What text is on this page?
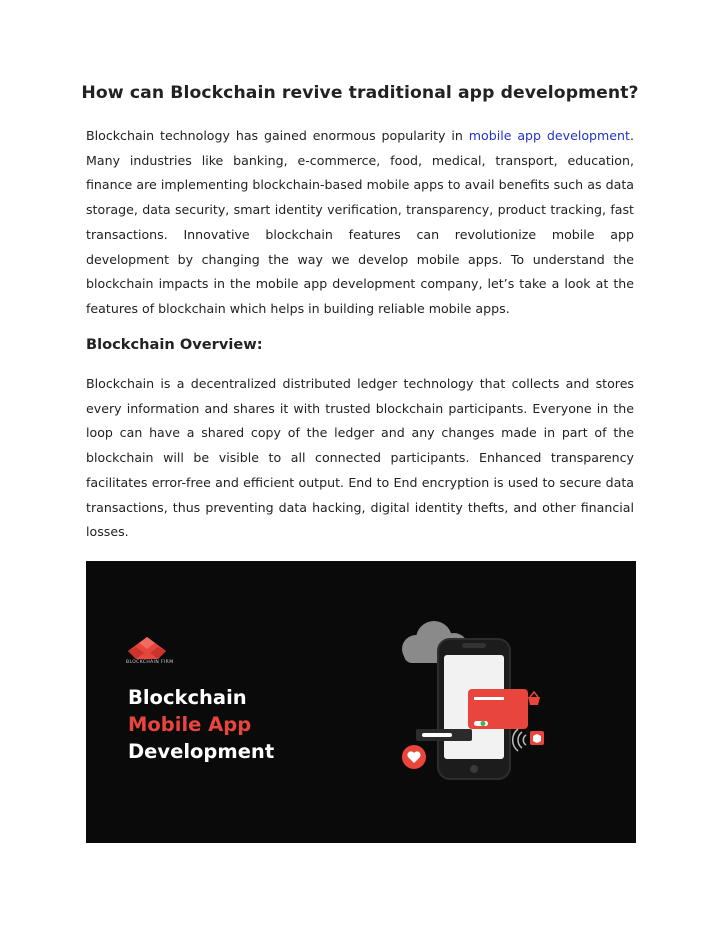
How can Blockchain revive traditional app development?

Blockchain technology has gained enormous popularity in mobile app development. Many industries like banking, e-commerce, food, medical, transport, education, finance are implementing blockchain-based mobile apps to avail benefits such as data storage, data security, smart identity verification, transparency, product tracking, fast transactions. Innovative blockchain features can revolutionize mobile app development by changing the way we develop mobile apps. To understand the blockchain impacts in the mobile app development company, let’s take a look at the features of blockchain which helps in building reliable mobile apps.

Blockchain Overview:

Blockchain is a decentralized distributed ledger technology that collects and stores every information and shares it with trusted blockchain participants. Everyone in the loop can have a shared copy of the ledger and any changes made in part of the blockchain will be visible to all connected participants. Enhanced transparency facilitates error-free and efficient output. End to End encryption is used to secure data transactions, thus preventing data hacking, digital identity thefts, and other financial losses.

BLOCKCHAIN FIRM
Blockchain
Mobile App
Development
